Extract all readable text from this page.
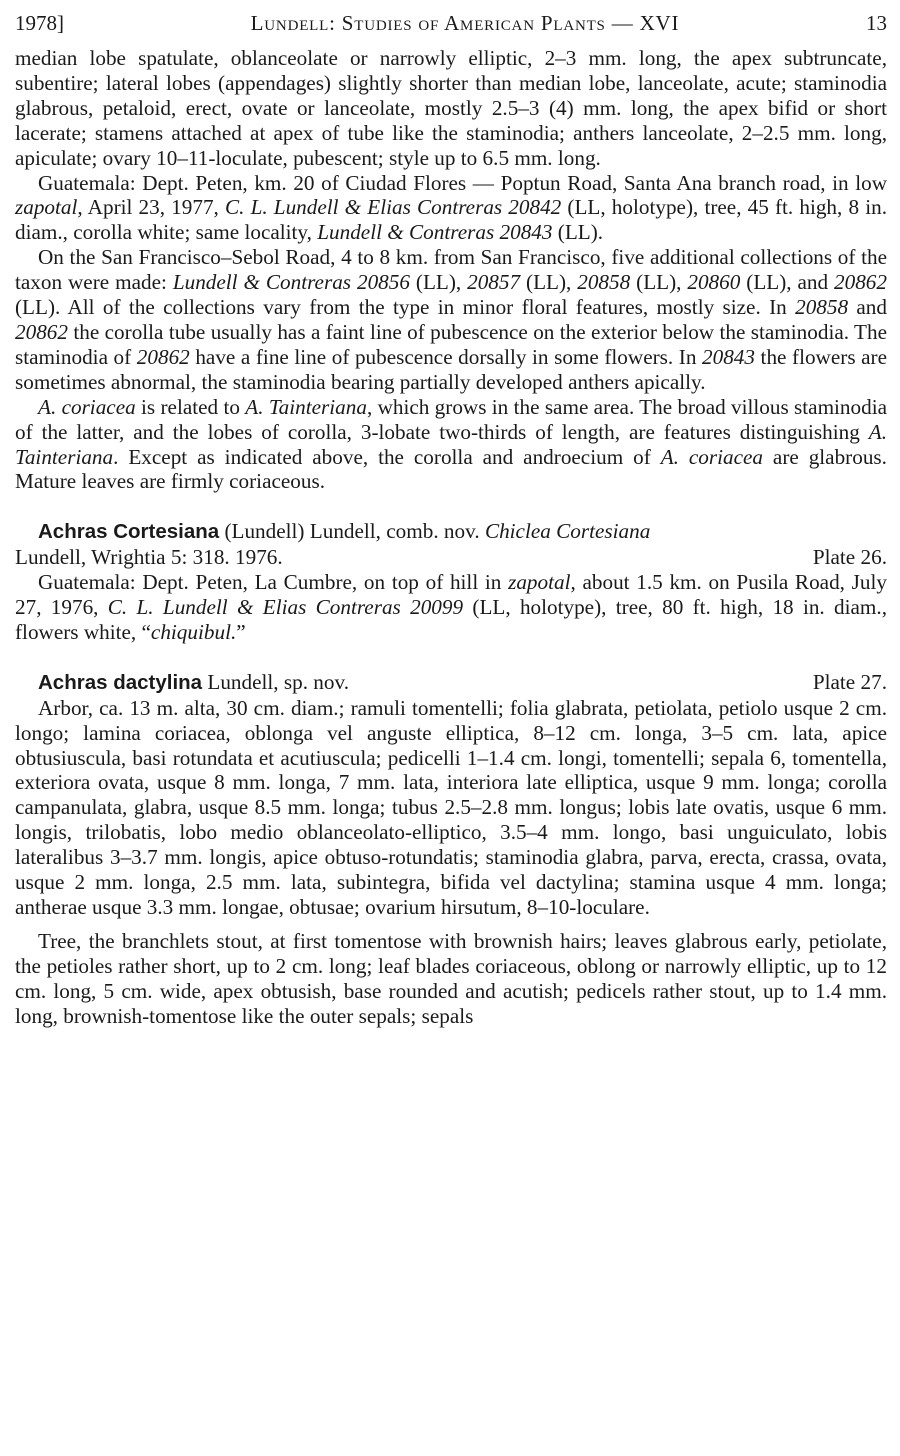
1978]	Lundell: Studies of American Plants — XVI	13

median lobe spatulate, oblanceolate or narrowly elliptic, 2–3 mm. long, the apex subtruncate, subentire; lateral lobes (appendages) slightly shorter than median lobe, lanceolate, acute; staminodia glabrous, petaloid, erect, ovate or lanceolate, mostly 2.5–3 (4) mm. long, the apex bifid or short lacerate; stamens attached at apex of tube like the staminodia; anthers lanceolate, 2–2.5 mm. long, apiculate; ovary 10–11-loculate, pubescent; style up to 6.5 mm. long.

Guatemala: Dept. Peten, km. 20 of Ciudad Flores — Poptun Road, Santa Ana branch road, in low zapotal, April 23, 1977, C. L. Lundell & Elias Contreras 20842 (LL, holotype), tree, 45 ft. high, 8 in. diam., corolla white; same locality, Lundell & Contreras 20843 (LL).

On the San Francisco–Sebol Road, 4 to 8 km. from San Francisco, five additional collections of the taxon were made: Lundell & Contreras 20856 (LL), 20857 (LL), 20858 (LL), 20860 (LL), and 20862 (LL). All of the collections vary from the type in minor floral features, mostly size. In 20858 and 20862 the corolla tube usually has a faint line of pubescence on the exterior below the staminodia. The staminodia of 20862 have a fine line of pubescence dorsally in some flowers. In 20843 the flowers are sometimes abnormal, the staminodia bearing partially developed anthers apically.

A. coriacea is related to A. Tainteriana, which grows in the same area. The broad villous staminodia of the latter, and the lobes of corolla, 3-lobate two-thirds of length, are features distinguishing A. Tainteriana. Except as indicated above, the corolla and androecium of A. coriacea are glabrous. Mature leaves are firmly coriaceous.

Achras Cortesiana (Lundell) Lundell, comb. nov. Chiclea Cortesiana

Lundell, Wrightia 5: 318. 1976.	Plate 26.

Guatemala: Dept. Peten, La Cumbre, on top of hill in zapotal, about 1.5 km. on Pusila Road, July 27, 1976, C. L. Lundell & Elias Contreras 20099 (LL, holotype), tree, 80 ft. high, 18 in. diam., flowers white, “chiquibul.”

Achras dactylina Lundell, sp. nov.	Plate 27.

Arbor, ca. 13 m. alta, 30 cm. diam.; ramuli tomentelli; folia glabrata, petiolata, petiolo usque 2 cm. longo; lamina coriacea, oblonga vel anguste elliptica, 8–12 cm. longa, 3–5 cm. lata, apice obtusiuscula, basi rotundata et acutiuscula; pedicelli 1–1.4 cm. longi, tomentelli; sepala 6, tomentella, exteriora ovata, usque 8 mm. longa, 7 mm. lata, interiora late elliptica, usque 9 mm. longa; corolla campanulata, glabra, usque 8.5 mm. longa; tubus 2.5–2.8 mm. longus; lobis late ovatis, usque 6 mm. longis, trilobatis, lobo medio oblanceolato-elliptico, 3.5–4 mm. longo, basi unguiculato, lobis lateralibus 3–3.7 mm. longis, apice obtuso-rotundatis; staminodia glabra, parva, erecta, crassa, ovata, usque 2 mm. longa, 2.5 mm. lata, subintegra, bifida vel dactylina; stamina usque 4 mm. longa; antherae usque 3.3 mm. longae, obtusae; ovarium hirsutum, 8–10-loculare.

Tree, the branchlets stout, at first tomentose with brownish hairs; leaves glabrous early, petiolate, the petioles rather short, up to 2 cm. long; leaf blades coriaceous, oblong or narrowly elliptic, up to 12 cm. long, 5 cm. wide, apex obtusish, base rounded and acutish; pedicels rather stout, up to 1.4 mm. long, brownish-tomentose like the outer sepals; sepals
